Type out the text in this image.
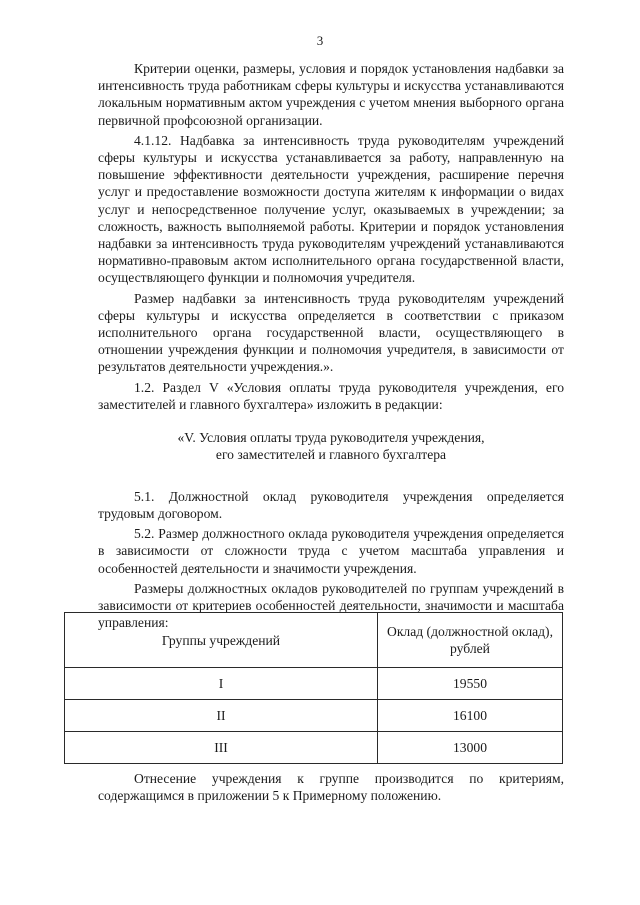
3

Критерии оценки, размеры, условия и порядок установления надбавки за интенсивность труда работникам сферы культуры и искусства устанавливаются локальным нормативным актом учреждения с учетом мнения выборного органа первичной профсоюзной организации.

4.1.12. Надбавка за интенсивность труда руководителям учреждений сферы культуры и искусства устанавливается за работу, направленную на повышение эффективности деятельности учреждения, расширение перечня услуг и предоставление возможности доступа жителям к информации о видах услуг и непосредственное получение услуг, оказываемых в учреждении; за сложность, важность выполняемой работы. Критерии и порядок установления надбавки за интенсивность труда руководителям учреждений устанавливаются нормативно-правовым актом исполнительного органа государственной власти, осуществляющего функции и полномочия учредителя.

Размер надбавки за интенсивность труда руководителям учреждений сферы культуры и искусства определяется в соответствии с приказом исполнительного органа государственной власти, осуществляющего в отношении учреждения функции и полномочия учредителя, в зависимости от результатов деятельности учреждения.».

1.2. Раздел V «Условия оплаты труда руководителя учреждения, его заместителей и главного бухгалтера» изложить в редакции:

«V. Условия оплаты труда руководителя учреждения,
его заместителей и главного бухгалтера

5.1. Должностной оклад руководителя учреждения определяется трудовым договором.

5.2. Размер должностного оклада руководителя учреждения определяется в зависимости от сложности труда с учетом масштаба управления и особенностей деятельности и значимости учреждения.

Размеры должностных окладов руководителей по группам учреждений в зависимости от критериев особенностей деятельности, значимости и масштаба управления:

Группы учреждений	Оклад (должностной оклад),
рублей

I	19550
II	16100
III	13000

Отнесение учреждения к группе производится по критериям, содержащимся в приложении 5 к Примерному положению.
